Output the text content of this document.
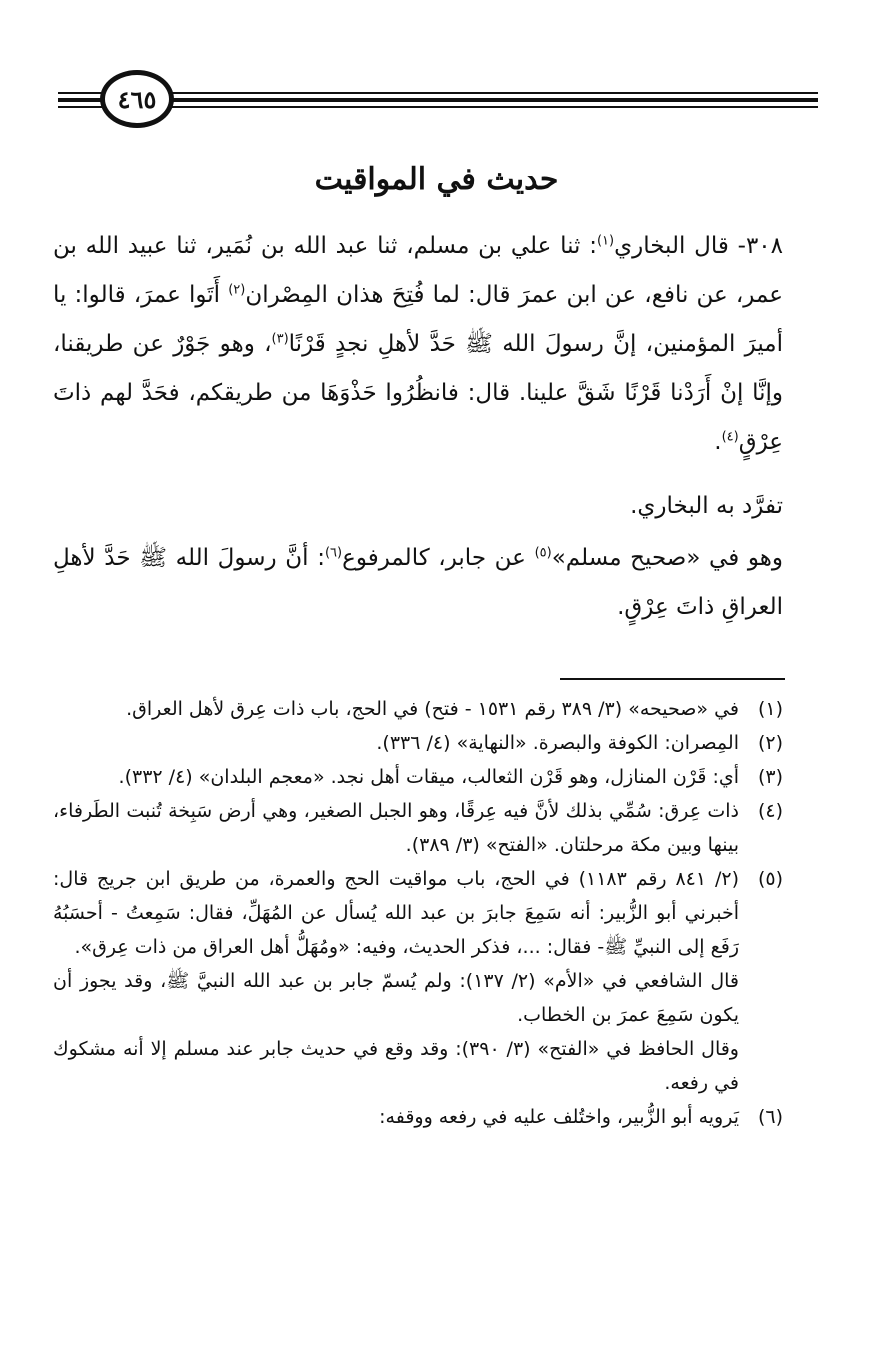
٤٦٥
حديث في المواقيت
٣٠٨- قال البخاري$^{(١)}$: ثنا علي بن مسلم، ثنا عبد الله بن نُمَير، ثنا عبيد الله بن عمر، عن نافع، عن ابن عمرَ قال: لما فُتِحَ هذان المِصْران$^{(٢)}$ أَتَوا عمرَ، قالوا: يا أميرَ المؤمنين، إنَّ رسولَ الله ﷺ حَدَّ لأهلِ نجدٍ قَرْنًا$^{(٣)}$، وهو جَوْرٌ عن طريقنا، وإنَّا إنْ أَرَدْنا قَرْنًا شَقَّ علينا. قال: فانظُرُوا حَذْوَهَا من طريقكم، فحَدَّ لهم ذاتَ عِرْقٍ$^{(٤)}$.
تفرَّد به البخاري.
وهو في «صحيح مسلم»$^{(٥)}$ عن جابر، كالمرفوع$^{(٦)}$: أنَّ رسولَ الله ﷺ حَدَّ لأهلِ العراقِ ذاتَ عِرْقٍ.
(١)
في «صحيحه» (٣/ ٣٨٩ رقم ١٥٣١ - فتح) في الحج، باب ذات عِرق لأهل العراق.
(٢)
المِصران: الكوفة والبصرة. «النهاية» (٤/ ٣٣٦).
(٣)
أي: قَرْن المنازل، وهو قَرْن الثعالب، ميقات أهل نجد. «معجم البلدان» (٤/ ٣٣٢).
(٤)
ذات عِرق: سُمِّي بذلك لأنَّ فيه عِرقًا، وهو الجبل الصغير، وهي أرض سَبِخة تُنبت الطَرفاء، بينها وبين مكة مرحلتان. «الفتح» (٣/ ٣٨٩).
(٥)
(٢/ ٨٤١ رقم ١١٨٣) في الحج، باب مواقيت الحج والعمرة، من طريق ابن جريج قال: أخبرني أبو الزُّبير: أنه سَمِعَ جابرَ بن عبد الله يُسأل عن المُهَلِّ، فقال: سَمِعتُ - أحسَبُهُ رَفَع إلى النبيِّ ﷺ- فقال: ...، فذكر الحديث، وفيه: «ومُهَلُّ أهل العراق من ذات عِرق».
قال الشافعي في «الأم» (٢/ ١٣٧): ولم يُسمّ جابر بن عبد الله النبيَّ ﷺ، وقد يجوز أن يكون سَمِعَ عمرَ بن الخطاب.
وقال الحافظ في «الفتح» (٣/ ٣٩٠): وقد وقع في حديث جابر عند مسلم إلا أنه مشكوك في رفعه.
(٦)
يَرويه أبو الزُّبير، واختُلف عليه في رفعه ووقفه:
